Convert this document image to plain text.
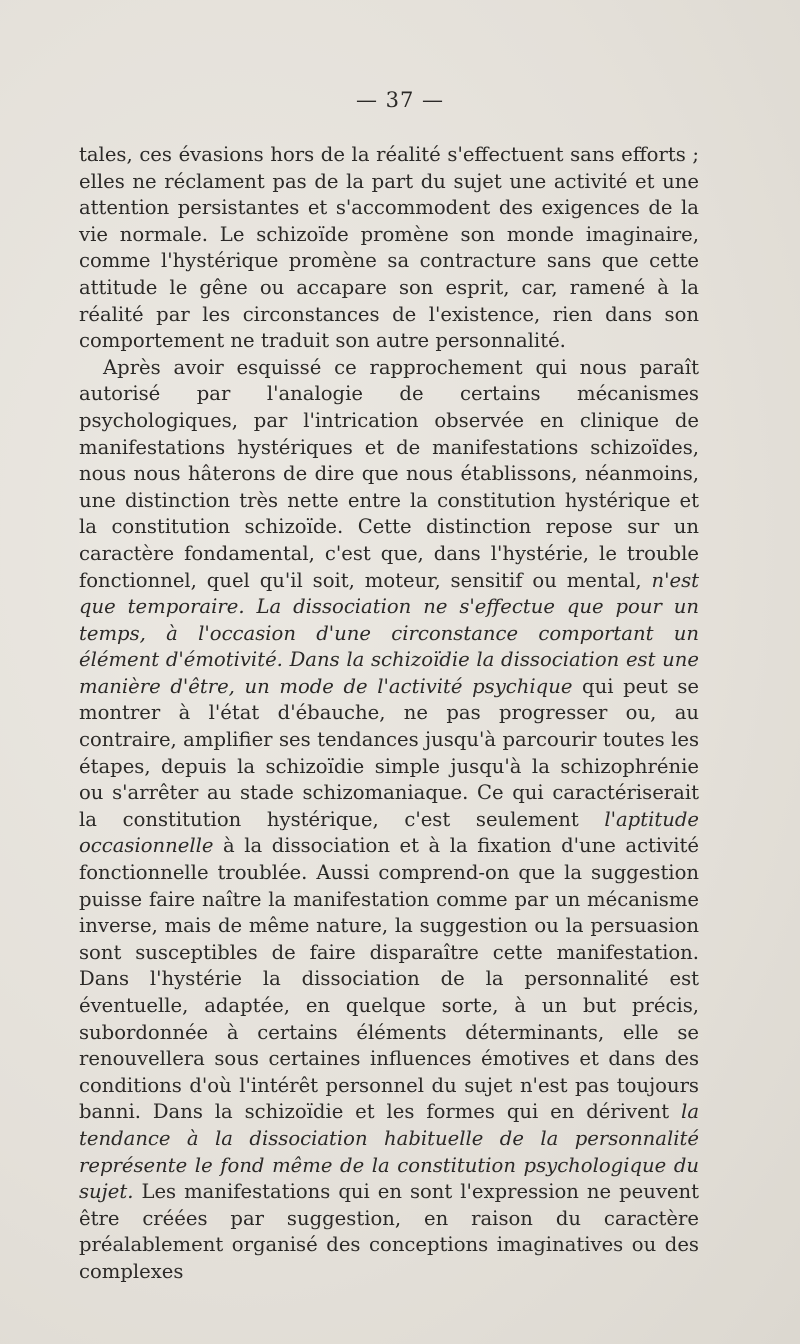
— 37 —

tales, ces évasions hors de la réalité s'effectuent sans efforts ; elles ne réclament pas de la part du sujet une activité et une attention persistantes et s'accommodent des exigences de la vie normale. Le schizoïde promène son monde imaginaire, comme l'hystérique promène sa contracture sans que cette attitude le gêne ou accapare son esprit, car, ramené à la réalité par les circonstances de l'existence, rien dans son comportement ne traduit son autre personnalité.

Après avoir esquissé ce rapprochement qui nous paraît autorisé par l'analogie de certains mécanismes psychologiques, par l'intrication observée en clinique de manifestations hystériques et de manifestations schizoïdes, nous nous hâterons de dire que nous établissons, néanmoins, une distinction très nette entre la constitution hystérique et la constitution schizoïde. Cette distinction repose sur un caractère fondamental, c'est que, dans l'hystérie, le trouble fonctionnel, quel qu'il soit, moteur, sensitif ou mental, n'est que temporaire. La dissociation ne s'effectue que pour un temps, à l'occasion d'une circonstance comportant un élément d'émotivité. Dans la schizoïdie la dissociation est une manière d'être, un mode de l'activité psychique qui peut se montrer à l'état d'ébauche, ne pas progresser ou, au contraire, amplifier ses tendances jusqu'à parcourir toutes les étapes, depuis la schizoïdie simple jusqu'à la schizophrénie ou s'arrêter au stade schizomaniaque. Ce qui caractériserait la constitution hystérique, c'est seulement l'aptitude occasionnelle à la dissociation et à la fixation d'une activité fonctionnelle troublée. Aussi comprend-on que la suggestion puisse faire naître la manifestation comme par un mécanisme inverse, mais de même nature, la suggestion ou la persuasion sont susceptibles de faire disparaître cette manifestation. Dans l'hystérie la dissociation de la personnalité est éventuelle, adaptée, en quelque sorte, à un but précis, subordonnée à certains éléments déterminants, elle se renouvellera sous certaines influences émotives et dans des conditions d'où l'intérêt personnel du sujet n'est pas toujours banni. Dans la schizoïdie et les formes qui en dérivent la tendance à la dissociation habituelle de la personnalité représente le fond même de la constitution psychologique du sujet. Les manifestations qui en sont l'expression ne peuvent être créées par suggestion, en raison du caractère préalablement organisé des conceptions imaginatives ou des complexes
